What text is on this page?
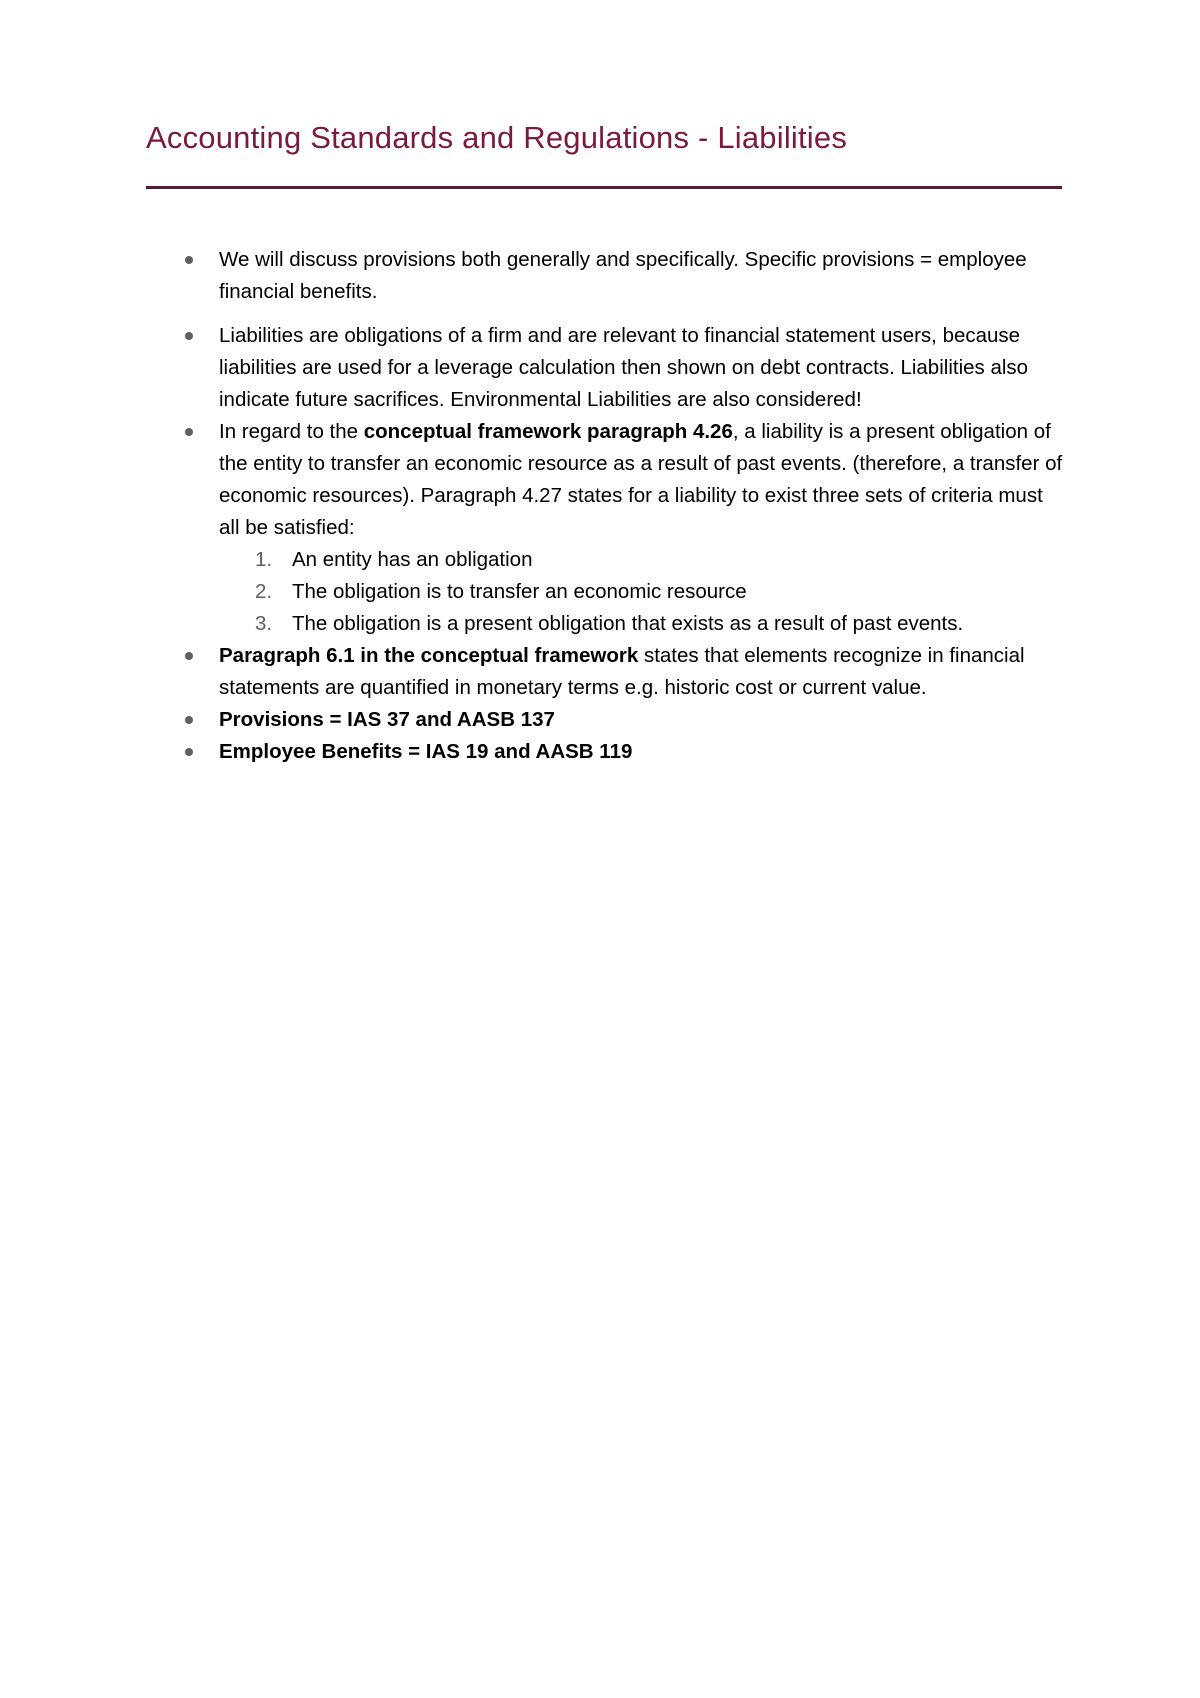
Accounting Standards and Regulations - Liabilities
We will discuss provisions both generally and specifically. Specific provisions = employee financial benefits.
Liabilities are obligations of a firm and are relevant to financial statement users, because liabilities are used for a leverage calculation then shown on debt contracts. Liabilities also indicate future sacrifices. Environmental Liabilities are also considered!
In regard to the conceptual framework paragraph 4.26, a liability is a present obligation of the entity to transfer an economic resource as a result of past events. (therefore, a transfer of economic resources). Paragraph 4.27 states for a liability to exist three sets of criteria must all be satisfied:
1. An entity has an obligation
2. The obligation is to transfer an economic resource
3. The obligation is a present obligation that exists as a result of past events.
Paragraph 6.1 in the conceptual framework states that elements recognize in financial statements are quantified in monetary terms e.g. historic cost or current value.
Provisions = IAS 37 and AASB 137
Employee Benefits = IAS 19 and AASB 119
